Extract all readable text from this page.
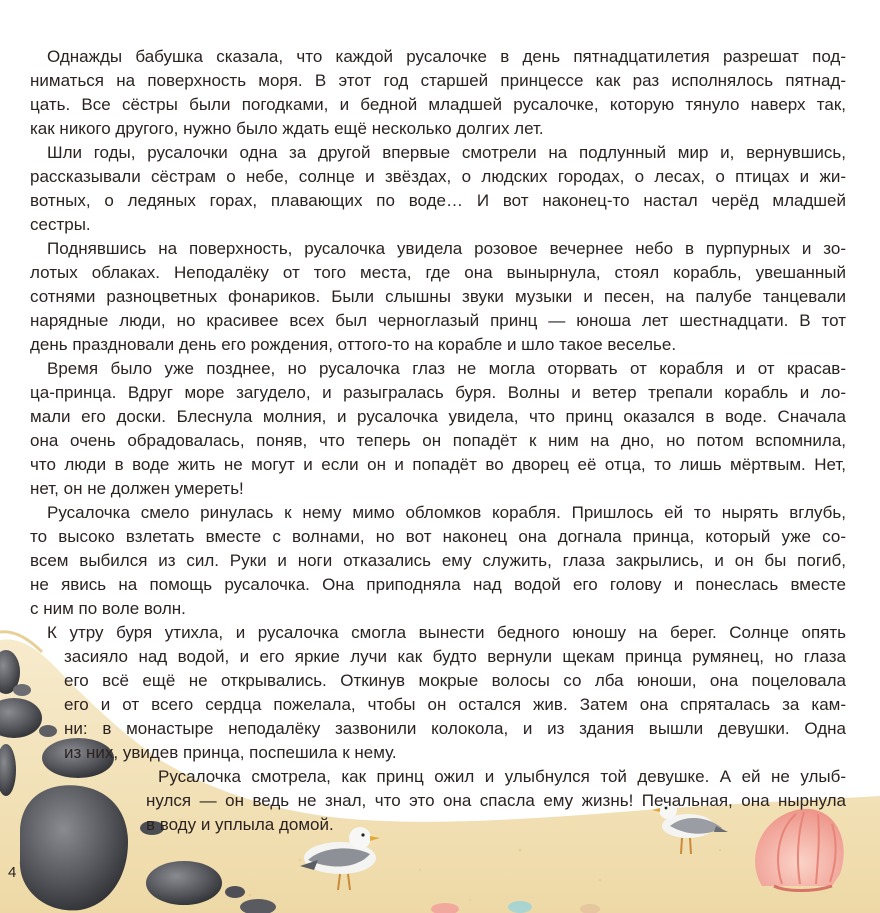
Однажды бабушка сказала, что каждой русалочке в день пятнадцатилетия разрешат под-
ниматься на поверхность моря. В этот год старшей принцессе как раз исполнялось пятнад-
цать. Все сёстры были погодками, и бедной младшей русалочке, которую тянуло наверх так,
как никого другого, нужно было ждать ещё несколько долгих лет.
Шли годы, русалочки одна за другой впервые смотрели на подлунный мир и, вернувшись,
рассказывали сёстрам о небе, солнце и звёздах, о людских городах, о лесах, о птицах и жи-
вотных, о ледяных горах, плавающих по воде… И вот наконец-то настал черёд младшей
сестры.
Поднявшись на поверхность, русалочка увидела розовое вечернее небо в пурпурных и зо-
лотых облаках. Неподалёку от того места, где она вынырнула, стоял корабль, увешанный
сотнями разноцветных фонариков. Были слышны звуки музыки и песен, на палубе танцевали
нарядные люди, но красивее всех был черноглазый принц — юноша лет шестнадцати. В тот
день праздновали день его рождения, оттого-то на корабле и шло такое веселье.
Время было уже позднее, но русалочка глаз не могла оторвать от корабля и от красав-
ца-принца. Вдруг море загудело, и разыгралась буря. Волны и ветер трепали корабль и ло-
мали его доски. Блеснула молния, и русалочка увидела, что принц оказался в воде. Сначала
она очень обрадовалась, поняв, что теперь он попадёт к ним на дно, но потом вспомнила,
что люди в воде жить не могут и если он и попадёт во дворец её отца, то лишь мёртвым. Нет,
нет, он не должен умереть!
Русалочка смело ринулась к нему мимо обломков корабля. Пришлось ей то нырять вглубь,
то высоко взлетать вместе с волнами, но вот наконец она догнала принца, который уже со-
всем выбился из сил. Руки и ноги отказались ему служить, глаза закрылись, и он бы погиб,
не явись на помощь русалочка. Она приподняла над водой его голову и понеслась вместе
с ним по воле волн.
К утру буря утихла, и русалочка смогла вынести бедного юношу на берег. Солнце опять
засияло над водой, и его яркие лучи как будто вернули щекам принца румянец, но глаза
его всё ещё не открывались. Откинув мокрые волосы со лба юноши, она поцеловала
его и от всего сердца пожелала, чтобы он остался жив. Затем она спряталась за кам-
ни: в монастыре неподалёку зазвонили колокола, и из здания вышли девушки. Одна
из них, увидев принца, поспешила к нему.
Русалочка смотрела, как принц ожил и улыбнулся той девушке. А ей не улыб-
нулся — он ведь не знал, что это она спасла ему жизнь! Печальная, она нырнула
в воду и уплыла домой.
4
